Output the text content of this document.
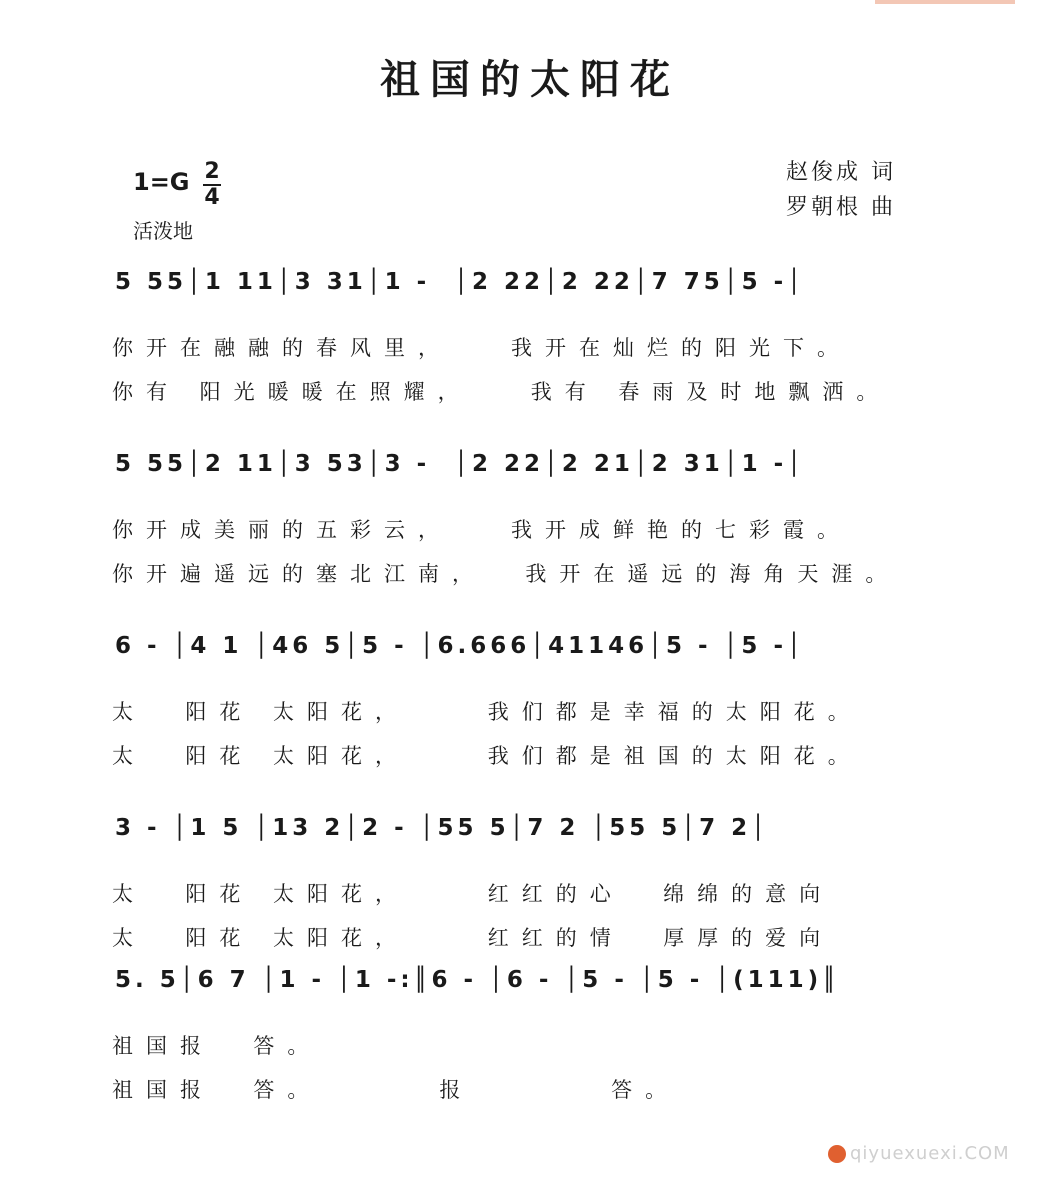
祖国的太阳花
$1=G \frac{2}{4}$
活泼地
赵俊成 词
罗朝根 曲
5 55│1 11│3 31│1 -  │2 22│2 22│7 75│5 -│
你开在融融的春风里，   我开在灿烂的阳光下。
你有 阳光暖暖在照耀，   我有 春雨及时地飘洒。
5 55│2 11│3 53│3 -  │2 22│2 21│2 31│1 -│
你开成美丽的五彩云，   我开成鲜艳的七彩霞。
你开遍遥远的塞北江南，  我开在遥远的海角天涯。
6 - │4 1 │46 5│5 - │6.666│41146│5 - │5 -│
太  阳花 太阳花，    我们都是幸福的太阳花。
太  阳花 太阳花，    我们都是祖国的太阳花。
3 - │1 5 │13 2│2 - │55 5│7 2 │55 5│7 2│
太  阳花 太阳花，    红红的心  绵绵的意向
太  阳花 太阳花，    红红的情  厚厚的爱向
5. 5│6 7 │1 - │1 -:║6 - │6 - │5 - │5 - │(111)║
祖国报  答。
祖国报  答。      报       答。
qiyuexuexi.COM
